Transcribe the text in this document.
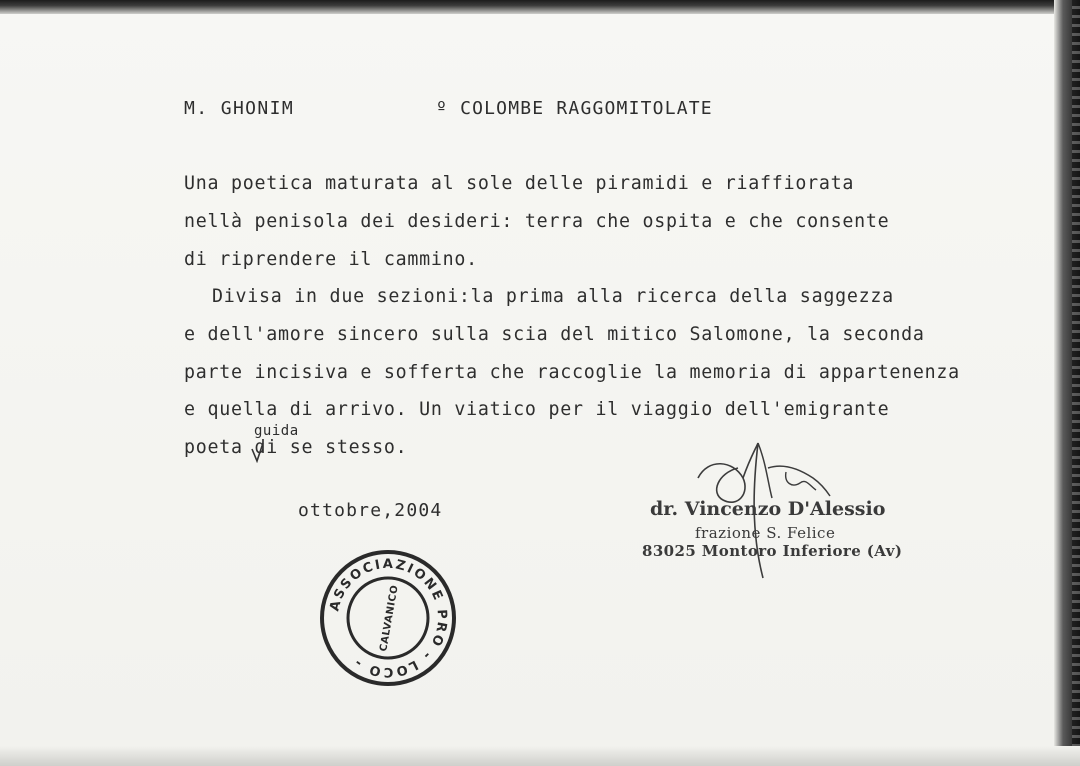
M. GHONIM	º COLOMBE RAGGOMITOLATE
Una poetica maturata al sole delle piramidi e riaffiorata
nellà penisola dei desideri: terra che ospita e che consente
di riprendere il cammino.
Divisa in due sezioni:la prima alla ricerca della saggezza
e dell'amore sincero sulla scia del mitico Salomone, la seconda
parte incisiva e sofferta che raccoglie la memoria di appartenenza
e quella di arrivo. Un viatico per il viaggio dell'emigrante
poeta di se stesso.
guida
ottobre,2004	dr. Vincenzo D'Alessio
frazione S. Felice
83025 Montoro Inferiore (Av)
ASSOCIAZIONE PRO - LOCO -
CALVANICO
